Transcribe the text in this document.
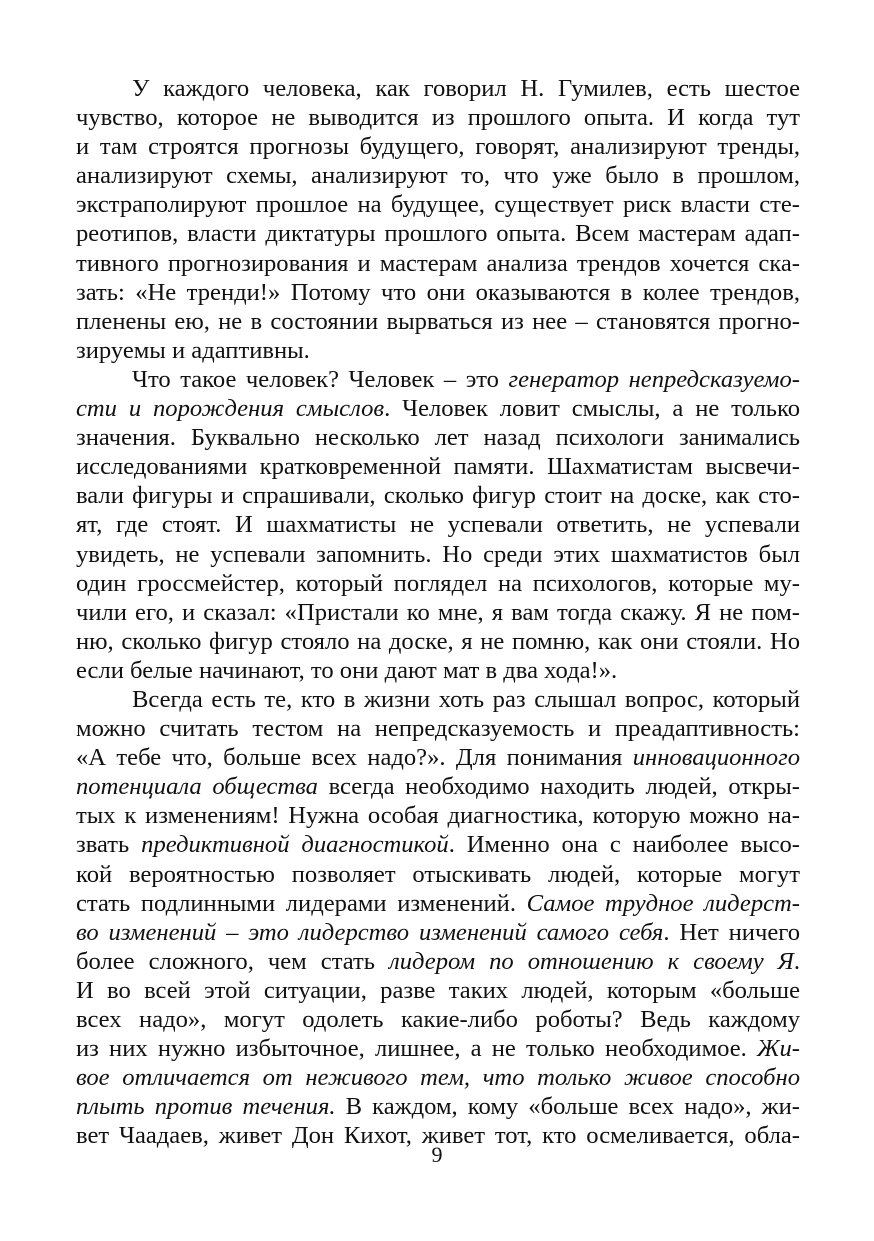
У каждого человека, как говорил Н. Гумилев, есть шестое
чувство, которое не выводится из прошлого опыта. И когда тут
и там строятся прогнозы будущего, говорят, анализируют тренды,
анализируют схемы, анализируют то, что уже было в прошлом,
экстраполируют прошлое на будущее, существует риск власти сте-
реотипов, власти диктатуры прошлого опыта. Всем мастерам адап-
тивного прогнозирования и мастерам анализа трендов хочется ска-
зать: «Не тренди!» Потому что они оказываются в колее трендов,
пленены ею, не в состоянии вырваться из нее – становятся прогно-
зируемы и адаптивны.
Что такое человек? Человек – это генератор непредсказуемо-
сти и порождения смыслов. Человек ловит смыслы, а не только
значения. Буквально несколько лет назад психологи занимались
исследованиями кратковременной памяти. Шахматистам высвечи-
вали фигуры и спрашивали, сколько фигур стоит на доске, как сто-
ят, где стоят. И шахматисты не успевали ответить, не успевали
увидеть, не успевали запомнить. Но среди этих шахматистов был
один гроссмейстер, который поглядел на психологов, которые му-
чили его, и сказал: «Пристали ко мне, я вам тогда скажу. Я не пом-
ню, сколько фигур стояло на доске, я не помню, как они стояли. Но
если белые начинают, то они дают мат в два хода!».
Всегда есть те, кто в жизни хоть раз слышал вопрос, который
можно считать тестом на непредсказуемость и преадаптивность:
«А тебе что, больше всех надо?». Для понимания инновационного
потенциала общества всегда необходимо находить людей, откры-
тых к изменениям! Нужна особая диагностика, которую можно на-
звать предиктивной диагностикой. Именно она с наиболее высо-
кой вероятностью позволяет отыскивать людей, которые могут
стать подлинными лидерами изменений. Самое трудное лидерст-
во изменений – это лидерство изменений самого себя. Нет ничего
более сложного, чем стать лидером по отношению к своему Я.
И во всей этой ситуации, разве таких людей, которым «больше
всех надо», могут одолеть какие-либо роботы? Ведь каждому
из них нужно избыточное, лишнее, а не только необходимое. Жи-
вое отличается от неживого тем, что только живое способно
плыть против течения. В каждом, кому «больше всех надо», жи-
вет Чаадаев, живет Дон Кихот, живет тот, кто осмеливается, обла-
9
